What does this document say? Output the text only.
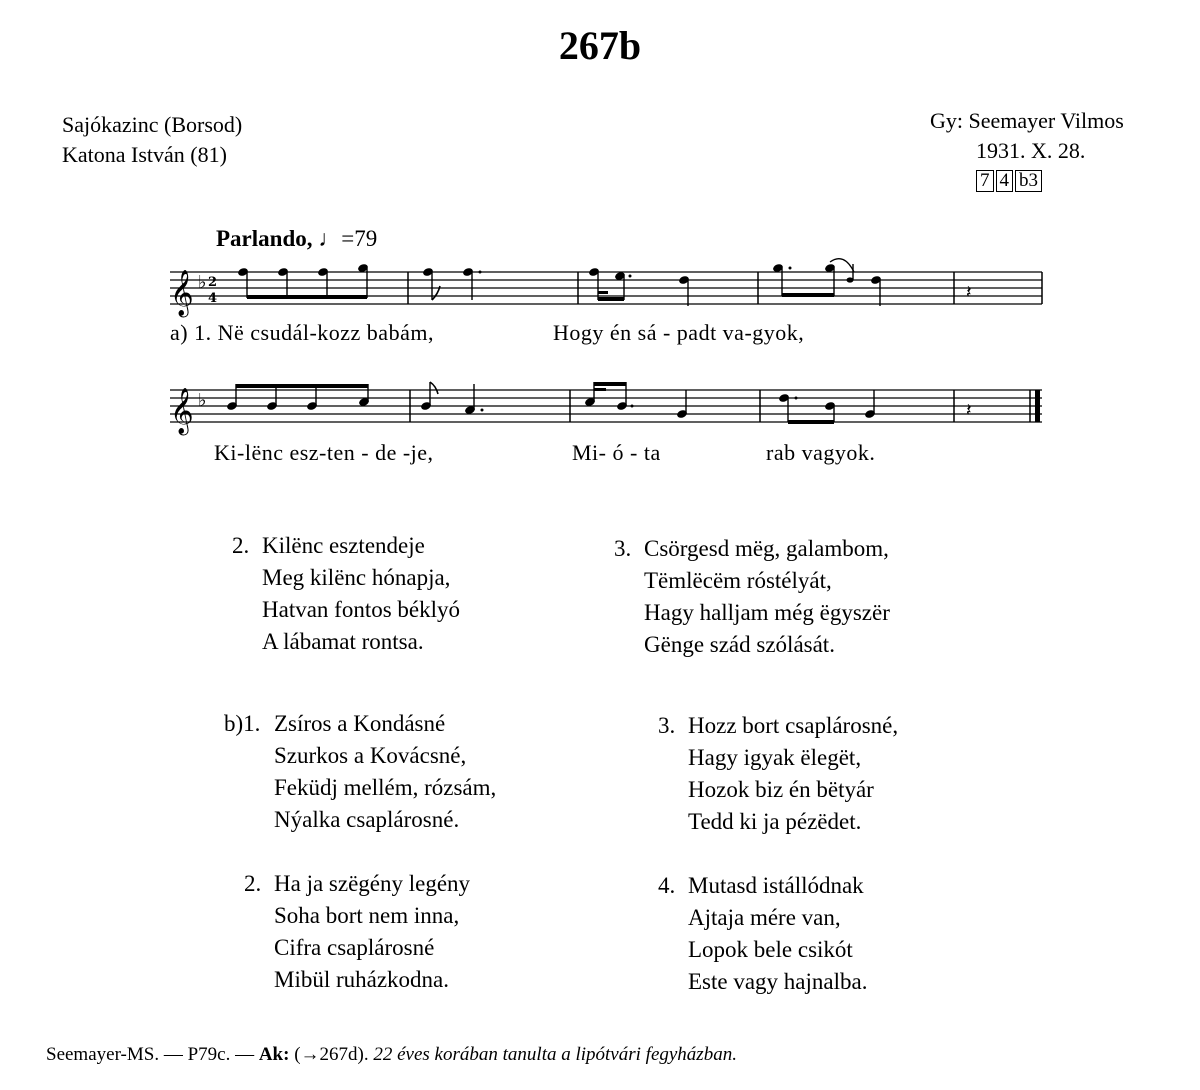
267b
Sajókazinc (Borsod)
Katona István (81)
Gy: Seemayer Vilmos
1931. X. 28.
7 4 b3
Parlando, ♩=79
𝄞 ♭ 2
4	𝄽
𝄞 ♭	𝄽
a) 1. Në csudál-kozz babám,	Hogy én sá - padt va-gyok,
Ki-lënc esz-ten - de -je,	Mi- ó - ta	rab vagyok.
2. Kilënc esztendeje
Meg kilënc hónapja,
Hatvan fontos béklyó
A lábamat rontsa.
3. Csörgesd mëg, galambom,
Tëmlëcëm róstélyát,
Hagy halljam még ëgyszër
Gënge szád szólását.
b)1. Zsíros a Kondásné
Szurkos a Kovácsné,
Feküdj mellém, rózsám,
Nýalka csaplárosné.
3. Hozz bort csaplárosné,
Hagy igyak ëlegët,
Hozok biz én bëtyár
Tedd ki ja pézëdet.
2. Ha ja szëgény legény
Soha bort nem inna,
Cifra csaplárosné
Mibül ruházkodna.
4. Mutasd istállódnak
Ajtaja mére van,
Lopok bele csikót
Este vagy hajnalba.
Seemayer-MS. — P79c. — Ak: (→267d). 22 éves korában tanulta a lipótvári fegyházban.
